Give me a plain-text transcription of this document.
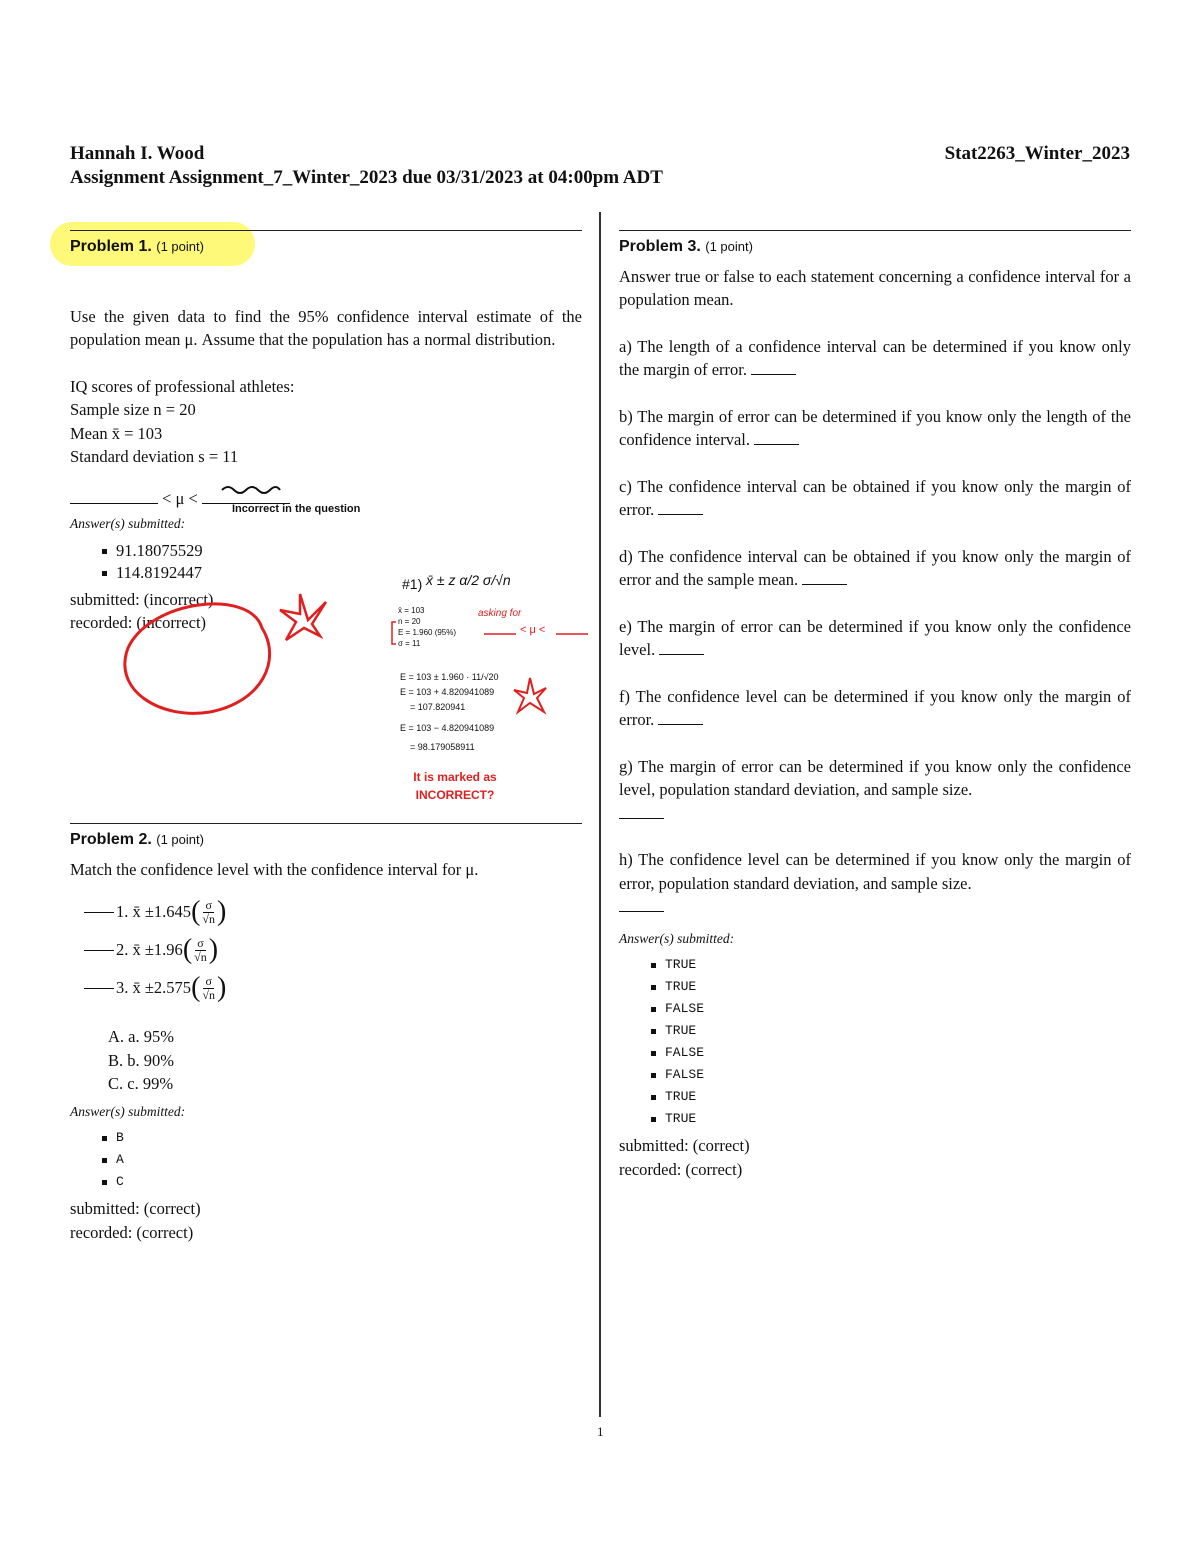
Hannah I. Wood	Stat2263_Winter_2023
Assignment Assignment_7_Winter_2023 due 03/31/2023 at 04:00pm ADT
Problem 1. (1 point)

Use the given data to find the 95% confidence interval estimate of the population mean μ. Assume that the population has a normal distribution.

IQ scores of professional athletes:
Sample size n = 20
Mean x̄ = 103
Standard deviation s = 11
< μ <
Answer(s) submitted:
91.18075529
114.8192447
submitted: (incorrect)
recorded: (incorrect)
Problem 2. (1 point)
Match the confidence level with the confidence interval for μ.
1.
x̄ ±1.645 ( $\frac{\sigma}{√n}$ )
2.
x̄ ±1.96 ( $\frac{\sigma}{√n}$ )
3.
x̄ ±2.575 ( $\frac{\sigma}{√n}$ )
A. a. 95%
B. b. 90%
C. c. 99%
Answer(s) submitted:
B
A
C
submitted: (correct)
recorded: (correct)
Problem 3. (1 point)

Answer true or false to each statement concerning a confidence interval for a population mean.

a) The length of a confidence interval can be determined if you know only the margin of error.

b) The margin of error can be determined if you know only the length of the confidence interval.

c) The confidence interval can be obtained if you know only the margin of error.

d) The confidence interval can be obtained if you know only the margin of error and the sample mean.

e) The margin of error can be determined if you know only the confidence level.

f) The confidence level can be determined if you know only the margin of error.

g) The margin of error can be determined if you know only the confidence level, population standard deviation, and sample size.

h) The confidence level can be determined if you know only the margin of error, population standard deviation, and sample size.

Answer(s) submitted:
TRUE
TRUE
FALSE
TRUE
FALSE
FALSE
TRUE
TRUE
submitted: (correct)
recorded: (correct)
Incorrect in the question
#1) x̄ ± z α/2 σ/√n
asking for
< μ <
x̄ = 103
n = 20
E = 1.960 (95%)
σ = 11
E = 103 ± 1.960 · 11/√20
E = 103 + 4.820941089
= 107.820941
E = 103 − 4.820941089
= 98.179058911
It is marked as INCORRECT?
1
